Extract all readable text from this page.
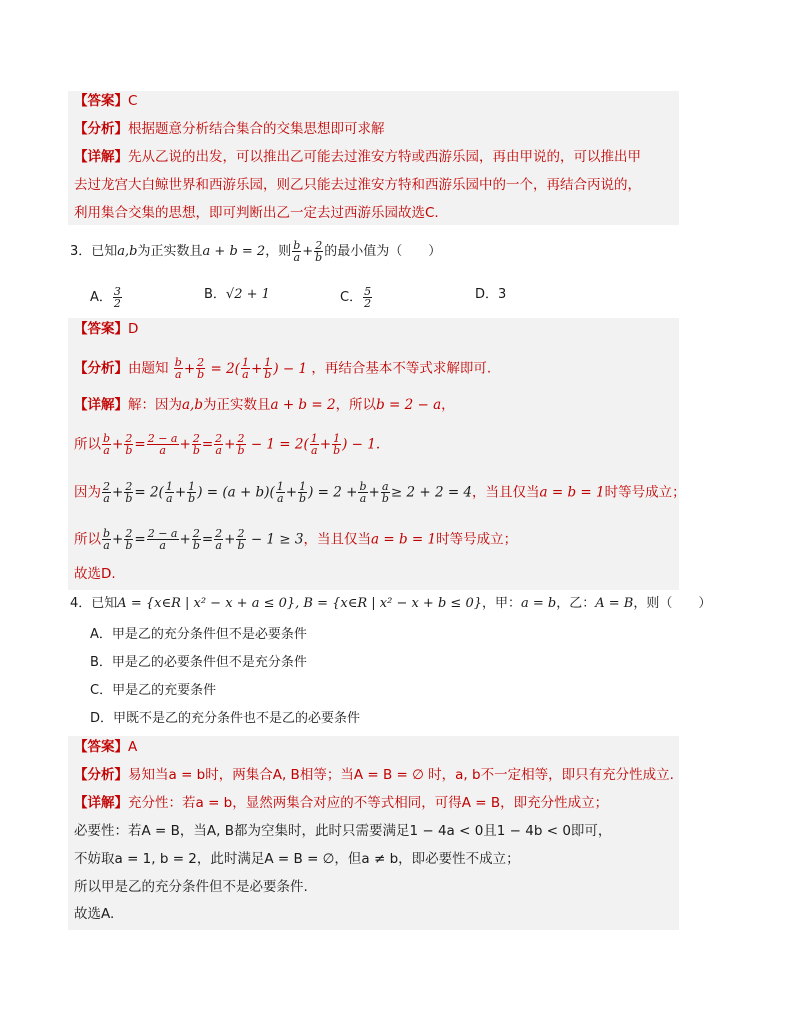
【答案】C
【分析】根据题意分析结合集合的交集思想即可求解
【详解】先从乙说的出发，可以推出乙可能去过淮安方特或西游乐园，再由甲说的，可以推出甲
去过龙宫大白鲸世界和西游乐园，则乙只能去过淮安方特和西游乐园中的一个，再结合丙说的，
利用集合交集的思想，即可判断出乙一定去过西游乐园故选C.
3．已知a,b为正实数且a + b = 2，则 $\frac{b}{a} + \frac{2}{b}$ 的最小值为（　　）
A． $\frac{3}{2}$	B．√2 + 1	C． $\frac{5}{2}$	D．3
【答案】D
【分析】由题知 $\frac{b}{a} + \frac{2}{b} = 2( \frac{1}{a} + \frac{1}{b}$ ) − 1 ，再结合基本不等式求解即可.
【详解】解：因为a,b为正实数且a + b = 2，所以b = 2 − a，
所以 $\frac{b}{a} + \frac{2}{b} = \frac{2 - a}{a} + \frac{2}{b} = \frac{2}{a} + \frac{2}{b} - 1 = 2( \frac{1}{a} + \frac{1}{b}$ ) − 1.
因为 $\frac{2}{a} + \frac{2}{b} = 2( \frac{1}{a} + \frac{1}{b}$ ) = $(a + b)( \frac{1}{a} + \frac{1}{b}$ ) = $2 + \frac{b}{a} + \frac{a}{b} \ge 2 + 2 = 4$，当且仅当a = b = 1时等号成立；
所以 $\frac{b}{a} + \frac{2}{b} = \frac{2 - a}{a} + \frac{2}{b} = \frac{2}{a} + \frac{2}{b} - 1 \ge 3$，当且仅当a = b = 1时等号成立；
故选D.
4．已知A = {x∈R | x² − x + a ≤ 0}, B = {x∈R | x² − x + b ≤ 0}，甲：a = b，乙：A = B，则（　　）
A．甲是乙的充分条件但不是必要条件
B．甲是乙的必要条件但不是充分条件
C．甲是乙的充要条件
D．甲既不是乙的充分条件也不是乙的必要条件
【答案】A
【分析】易知当a = b时，两集合A, B相等；当A = B = ∅ 时，a, b不一定相等，即只有充分性成立.
【详解】充分性：若a = b，显然两集合对应的不等式相同，可得A = B，即充分性成立；
必要性：若A = B，当A, B都为空集时，此时只需要满足1 − 4a < 0且1 − 4b < 0即可，
不妨取a = 1, b = 2，此时满足A = B = ∅，但a ≠ b，即必要性不成立；
所以甲是乙的充分条件但不是必要条件.
故选A.
